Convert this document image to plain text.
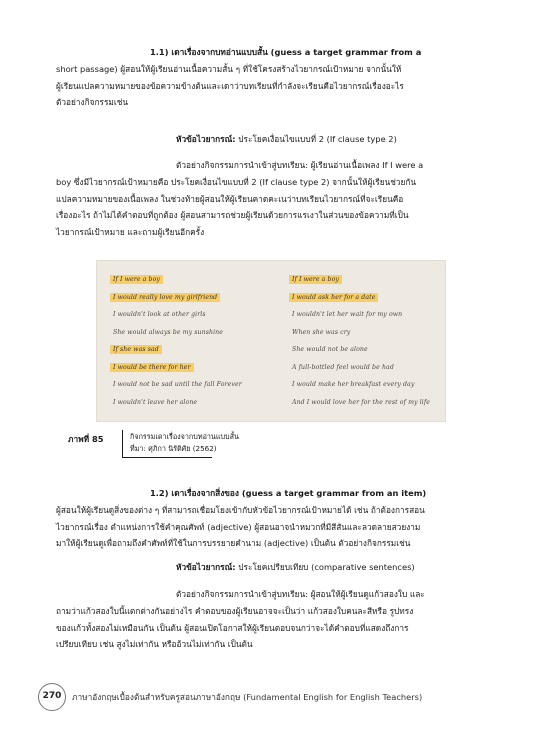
1.1) เดาเรื่องจากบทอ่านแบบสั้น (guess a target grammar from a
short passage) ผู้สอนให้ผู้เรียนอ่านเนื้อความสั้น ๆ ที่ใช้โครงสร้างไวยากรณ์เป้าหมาย จากนั้นให้
ผู้เรียนแปลความหมายของข้อความข้างต้นและเดาว่าบทเรียนที่กำลังจะเรียนคือไวยากรณ์เรื่องอะไร
ตัวอย่างกิจกรรมเช่น
หัวข้อไวยากรณ์: ประโยคเงื่อนไขแบบที่ 2 (If clause type 2)
ตัวอย่างกิจกรรมการนำเข้าสู่บทเรียน: ผู้เรียนอ่านเนื้อเพลง If I were a
boy ซึ่งมีไวยากรณ์เป้าหมายคือ ประโยคเงื่อนไขแบบที่ 2 (If clause type 2) จากนั้นให้ผู้เรียนช่วยกัน
แปลความหมายของเนื้อเพลง ในช่วงท้ายผู้สอนให้ผู้เรียนคาดคะเนว่าบทเรียนไวยากรณ์ที่จะเรียนคือ
เรื่องอะไร ถ้าไม่ได้คำตอบที่ถูกต้อง ผู้สอนสามารถช่วยผู้เรียนด้วยการแรเงาในส่วนของข้อความที่เป็น
ไวยากรณ์เป้าหมาย และถามผู้เรียนอีกครั้ง
If I were a boy
I would really love my girlfriend
I wouldn't look at other girls
She would always be my sunshine
If she was sad
I would be there for her
I would not be sad until the fall Forever
I wouldn't leave her alone
If I were a boy
I would ask her for a date
I wouldn't let her wait for my own
When she was cry
She would not be alone
A full-bottled feel would be had
I would make her breakfast every day
And I would love her for the rest of my life
ภาพที่ 85	กิจกรรมเดาเรื่องจากบทอ่านแบบสั้น
ที่มา: ศุภิกา นิรัติศัย (2562)
1.2) เดาเรื่องจากสิ่งของ (guess a target grammar from an item)
ผู้สอนให้ผู้เรียนดูสิ่งของต่าง ๆ ที่สามารถเชื่อมโยงเข้ากับหัวข้อไวยากรณ์เป้าหมายได้ เช่น ถ้าต้องการสอน
ไวยากรณ์เรื่อง ตำแหน่งการใช้คำคุณศัพท์ (adjective) ผู้สอนอาจนำหมวกที่มีสีสันและลวดลายสวยงาม
มาให้ผู้เรียนดูเพื่อถามถึงคำศัพท์ที่ใช้ในการบรรยายคำนาม (adjective) เป็นต้น ตัวอย่างกิจกรรมเช่น
หัวข้อไวยากรณ์: ประโยคเปรียบเทียบ (comparative sentences)
ตัวอย่างกิจกรรมการนำเข้าสู่บทเรียน: ผู้สอนให้ผู้เรียนดูแก้วสองใบ และ
ถามว่าแก้วสองใบนี้แตกต่างกันอย่างไร คำตอบของผู้เรียนอาจจะเป็นว่า แก้วสองใบคนละสีหรือ รูปทรง
ของแก้วทั้งสองไม่เหมือนกัน เป็นต้น ผู้สอนเปิดโอกาสให้ผู้เรียนตอบจนกว่าจะได้คำตอบที่แสดงถึงการ
เปรียบเทียบ เช่น สูงไม่เท่ากัน หรืออ้วนไม่เท่ากัน เป็นต้น
270	ภาษาอังกฤษเบื้องต้นสำหรับครูสอนภาษาอังกฤษ (Fundamental English for English Teachers)
